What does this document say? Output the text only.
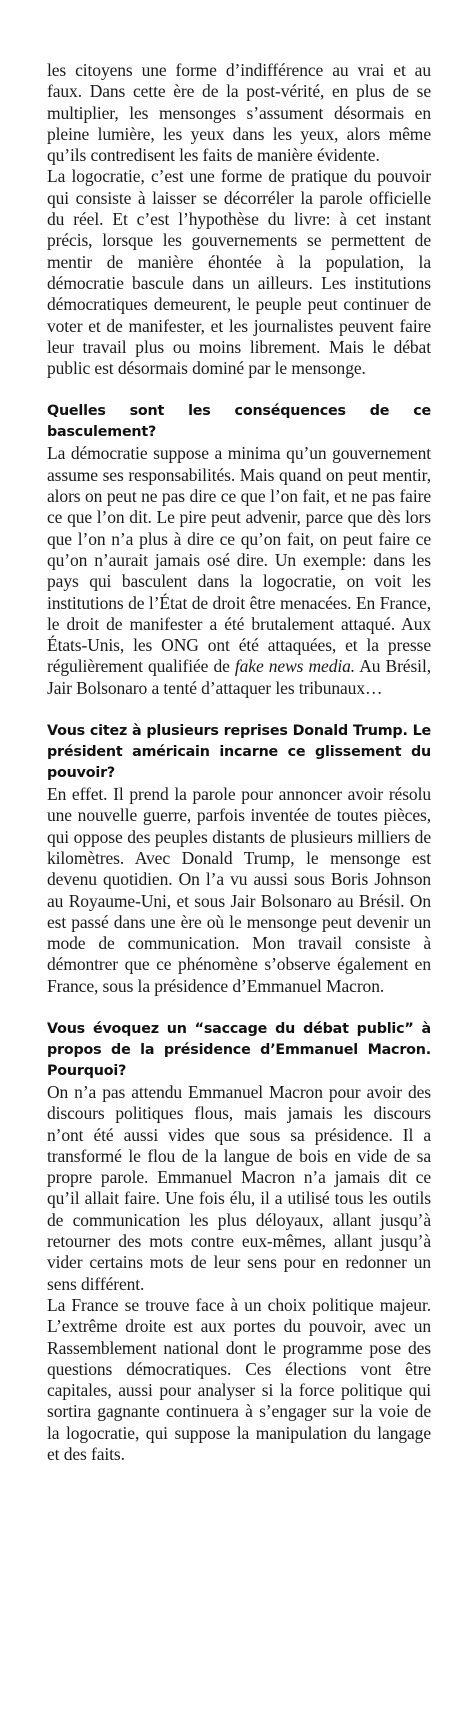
les citoyens une forme d’indifférence au vrai et au faux. Dans cette ère de la post-vérité, en plus de se multiplier, les mensonges s’assument désormais en pleine lumière, les yeux dans les yeux, alors même qu’ils contredisent les faits de manière évidente.

La logocratie, c’est une forme de pratique du pouvoir qui consiste à laisser se décorréler la parole officielle du réel. Et c’est l’hypothèse du livre: à cet instant précis, lorsque les gouvernements se permettent de mentir de manière éhontée à la population, la démocratie bascule dans un ailleurs. Les institutions démocratiques demeurent, le peuple peut continuer de voter et de manifester, et les journalistes peuvent faire leur travail plus ou moins librement. Mais le débat public est désormais dominé par le mensonge.

Quelles sont les conséquences de ce basculement?

La démocratie suppose a minima qu’un gouvernement assume ses responsabilités. Mais quand on peut mentir, alors on peut ne pas dire ce que l’on fait, et ne pas faire ce que l’on dit. Le pire peut advenir, parce que dès lors que l’on n’a plus à dire ce qu’on fait, on peut faire ce qu’on n’aurait jamais osé dire. Un exemple: dans les pays qui basculent dans la logocratie, on voit les institutions de l’État de droit être menacées. En France, le droit de manifester a été brutalement attaqué. Aux États-Unis, les ONG ont été attaquées, et la presse régulièrement qualifiée de fake news media. Au Brésil, Jair Bolsonaro a tenté d’attaquer les tribunaux…

Vous citez à plusieurs reprises Donald Trump. Le président américain incarne ce glissement du pouvoir?

En effet. Il prend la parole pour annoncer avoir résolu une nouvelle guerre, parfois inventée de toutes pièces, qui oppose des peuples distants de plusieurs milliers de kilomètres. Avec Donald Trump, le mensonge est devenu quotidien. On l’a vu aussi sous Boris Johnson au Royaume-Uni, et sous Jair Bolsonaro au Brésil. On est passé dans une ère où le mensonge peut devenir un mode de communication. Mon travail consiste à démontrer que ce phénomène s’observe également en France, sous la présidence d’Emmanuel Macron.

Vous évoquez un “saccage du débat public” à propos de la présidence d’Emmanuel Macron. Pourquoi?

On n’a pas attendu Emmanuel Macron pour avoir des discours politiques flous, mais jamais les discours n’ont été aussi vides que sous sa présidence. Il a transformé le flou de la langue de bois en vide de sa propre parole. Emmanuel Macron n’a jamais dit ce qu’il allait faire. Une fois élu, il a utilisé tous les outils de communication les plus déloyaux, allant jusqu’à retourner des mots contre eux-mêmes, allant jusqu’à vider certains mots de leur sens pour en redonner un sens différent.

La France se trouve face à un choix politique majeur. L’extrême droite est aux portes du pouvoir, avec un Rassemblement national dont le programme pose des questions démocratiques. Ces élections vont être capitales, aussi pour analyser si la force politique qui sortira gagnante continuera à s’engager sur la voie de la logocratie, qui suppose la manipulation du langage et des faits.
